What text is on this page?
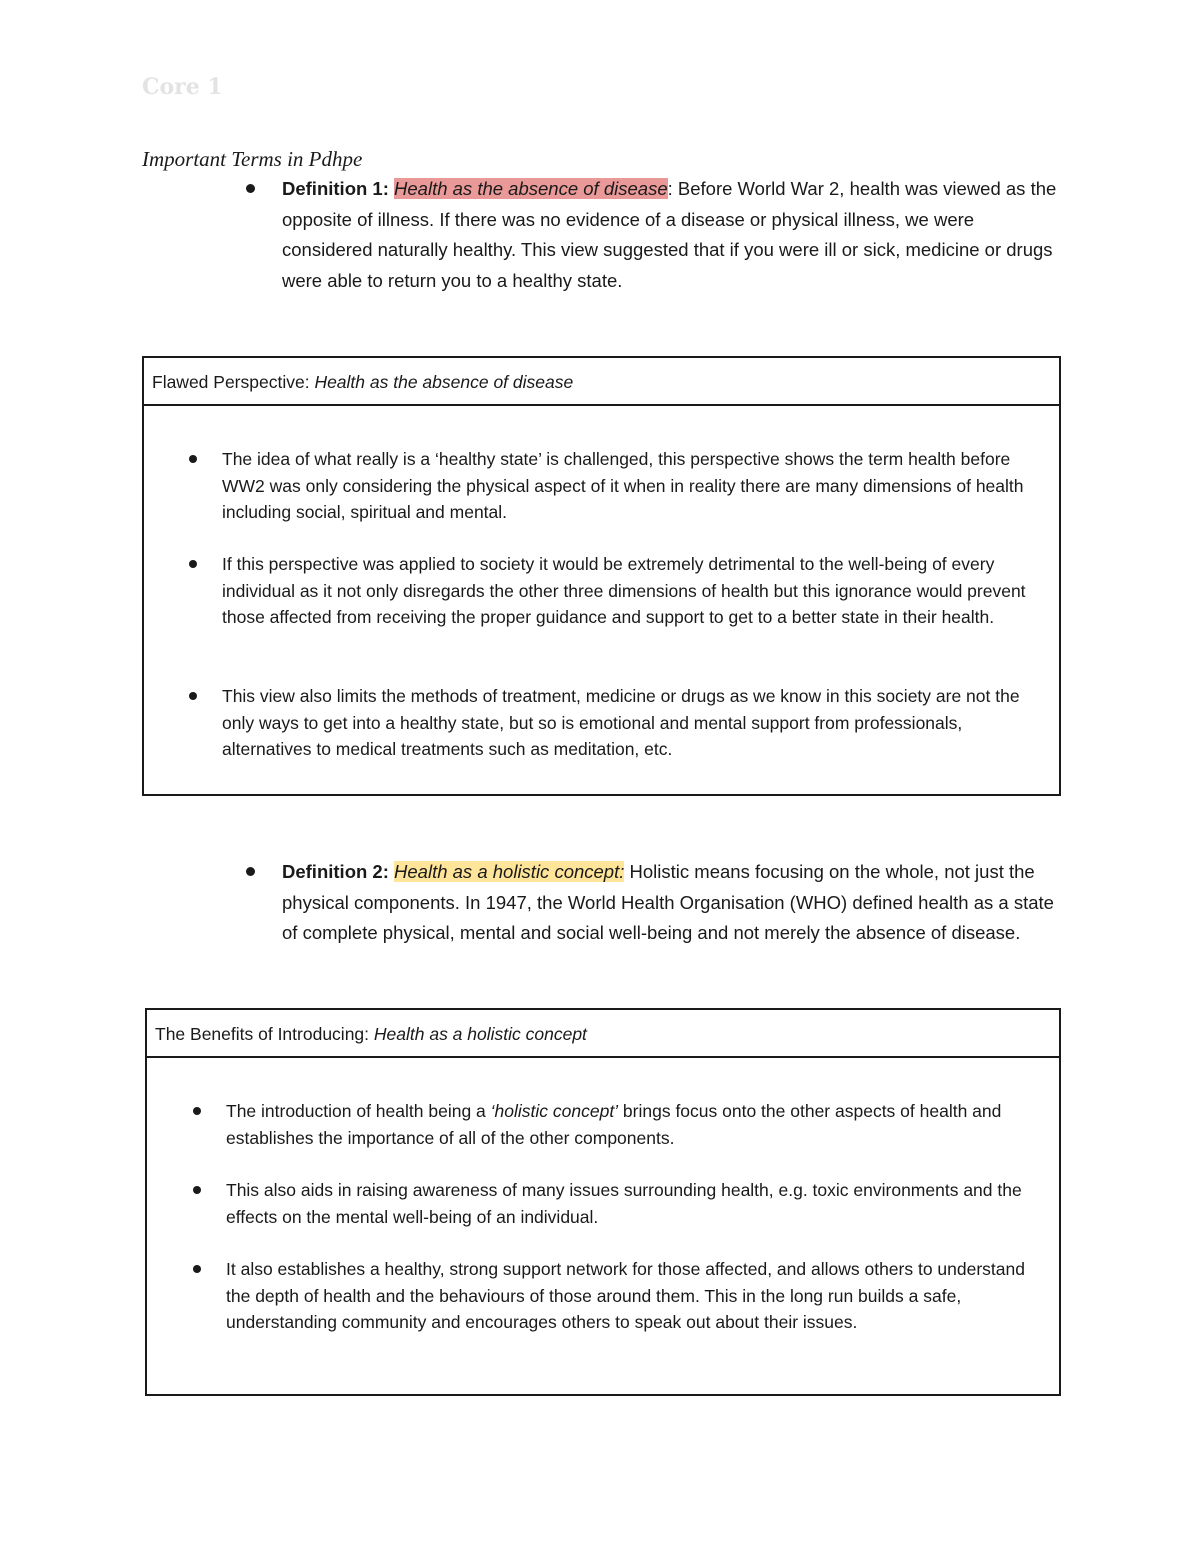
Core 1
Important Terms in Pdhpe
Definition 1: Health as the absence of disease: Before World War 2, health was viewed as the opposite of illness. If there was no evidence of a disease or physical illness, we were considered naturally healthy. This view suggested that if you were ill or sick, medicine or drugs were able to return you to a healthy state.
Flawed Perspective: Health as the absence of disease
The idea of what really is a ‘healthy state’ is challenged, this perspective shows the term health before WW2 was only considering the physical aspect of it when in reality there are many dimensions of health including social, spiritual and mental.
If this perspective was applied to society it would be extremely detrimental to the well-being of every individual as it not only disregards the other three dimensions of health but this ignorance would prevent those affected from receiving the proper guidance and support to get to a better state in their health.
This view also limits the methods of treatment, medicine or drugs as we know in this society are not the only ways to get into a healthy state, but so is emotional and mental support from professionals, alternatives to medical treatments such as meditation, etc.
Definition 2: Health as a holistic concept: Holistic means focusing on the whole, not just the physical components. In 1947, the World Health Organisation (WHO) defined health as a state of complete physical, mental and social well-being and not merely the absence of disease.
The Benefits of Introducing: Health as a holistic concept
The introduction of health being a ‘holistic concept’ brings focus onto the other aspects of health and establishes the importance of all of the other components.
This also aids in raising awareness of many issues surrounding health, e.g. toxic environments and the effects on the mental well-being of an individual.
It also establishes a healthy, strong support network for those affected, and allows others to understand the depth of health and the behaviours of those around them. This in the long run builds a safe, understanding community and encourages others to speak out about their issues.
